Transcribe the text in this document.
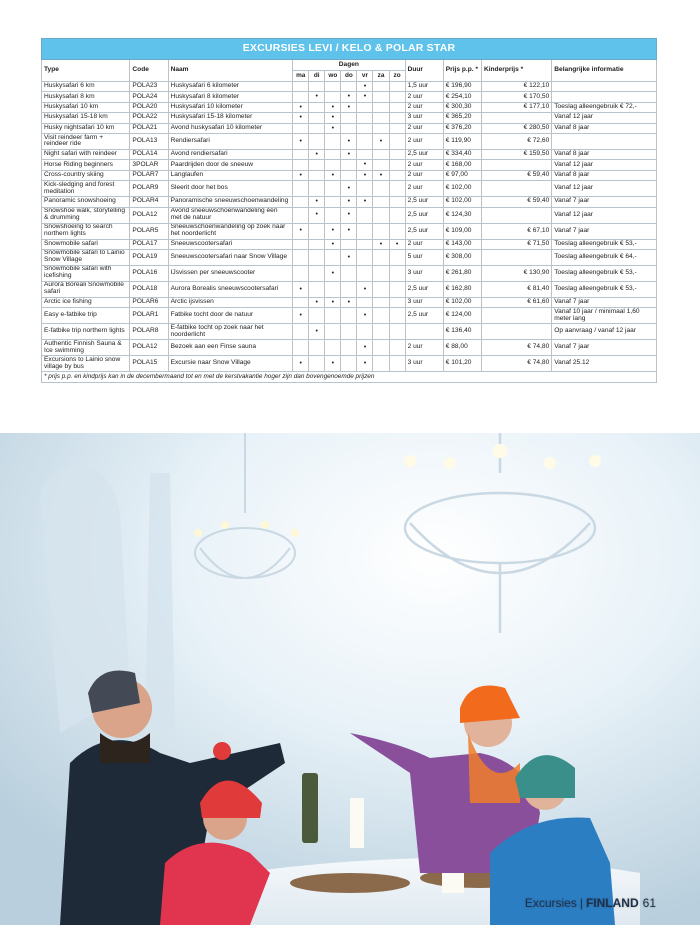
EXCURSIES LEVI / KELO & POLAR STAR													
Type	Code	Naam	Dagen							Duur	Prijs p.p. *	Kinderprijs *	Belangrijke informatie
			ma	di	wo	do	vr	za	zo				
Huskysafari 6 km	POLA23	Huskysafari 6 kilometer					•			1,5 uur	€ 196,90	€ 122,10	
Huskysafari 8 km	POLA24	Huskysafari 8 kilometer		•		•	•			2 uur	€ 254,10	€ 170,50	
Huskysafari 10 km	POLA20	Huskysafari 10 kilometer	•		•	•				2 uur	€ 300,30	€ 177,10	Toeslag alleengebruik € 72,-
Huskysafari 15-18 km	POLA22	Huskysafari 15-18 kilometer	•		•					3 uur	€ 365,20		Vanaf 12 jaar
Husky nightsafari 10 km	POLA21	Avond huskysafari 10 kilometer			•					2 uur	€ 376,20	€ 280,50	Vanaf 8 jaar
Visit reindeer farm + reindeer ride	POLA13	Rendiersafari	•			•		•		2 uur	€ 119,90	€ 72,60	
Night safari with reindeer	POLA14	Avond rendiersafari		•		•				2,5 uur	€ 334,40	€ 159,50	Vanaf 8 jaar
Horse Riding beginners	3POLAR	Paardrijden door de sneeuw					•			2 uur	€ 168,00		Vanaf 12 jaar
Cross-country skiing	POLAR7	Langlaufen	•		•		•	•		2 uur	€ 97,00	€ 59,40	Vanaf 8 jaar
Kick-sledging and forest meditation	POLAR9	Sleerit door het bos				•				2 uur	€ 102,00		Vanaf 12 jaar
Panoramic snowshoeing	POLAR4	Panoramische sneeuwschoenwandeling		•		•	•			2,5 uur	€ 102,00	€ 59,40	Vanaf 7 jaar
Snowshoe walk, storytelling & drumming	POLA12	Avond sneeuwschoenwandeling één met de natuur		•		•				2,5 uur	€ 124,30		Vanaf 12 jaar
Snowshoeing to search northern lights	POLAR5	Sneeuwschoenwandeling op zoek naar het noorderlicht	•		•	•				2,5 uur	€ 109,00	€ 67,10	Vanaf 7 jaar
Snowmobile safari	POLA17	Sneeuwscootersafari			•			•	•	2 uur	€ 143,00	€ 71,50	Toeslag alleengebruik € 53,-
Snowmobile safari to Lainio Snow Village	POLA19	Sneeuwscootersafari naar Snow Village				•				5 uur	€ 308,00		Toeslag alleengebruik € 64,-
Snowmobile safari with icefishing	POLA16	IJsvissen per sneeuwscooter			•					3 uur	€ 261,80	€ 130,90	Toeslag alleengebruik € 53,-
Aurora Boreali Snowmobile safari	POLA18	Aurora Borealis sneeuwscootersafari	•				•			2,5 uur	€ 162,80	€ 81,40	Toeslag alleengebruik € 53,-
Arctic ice fishing	POLAR6	Arctic ijsvissen		•	•	•				3 uur	€ 102,00	€ 61,60	Vanaf 7 jaar
Easy e-fatbike trip	POLAR1	Fatbike tocht door de natuur	•				•			2,5 uur	€ 124,00		Vanaf 10 jaar / minimaal 1,60 meter lang
E-fatbike trip northern lights	POLAR8	E-fatbike tocht op zoek naar het noorderlicht		•							€ 136,40		Op aanvraag / vanaf 12 jaar
Authentic Finnish Sauna & Ice swimming	POLA12	Bezoek aan een Finse sauna					•			2 uur	€ 88,00	€ 74,80	Vanaf 7 jaar
Excursions to Lainio snow village by bus	POLA15	Excursie naar Snow Village	•		•		•			3 uur	€ 101,20	€ 74,80	Vanaf 25.12
* prijs p.p. en kindprijs kan in de decembermaand tot en met de kerstvakantie hoger zijn dan bovengenoemde prijzen													
Excursies | FINLAND 61
